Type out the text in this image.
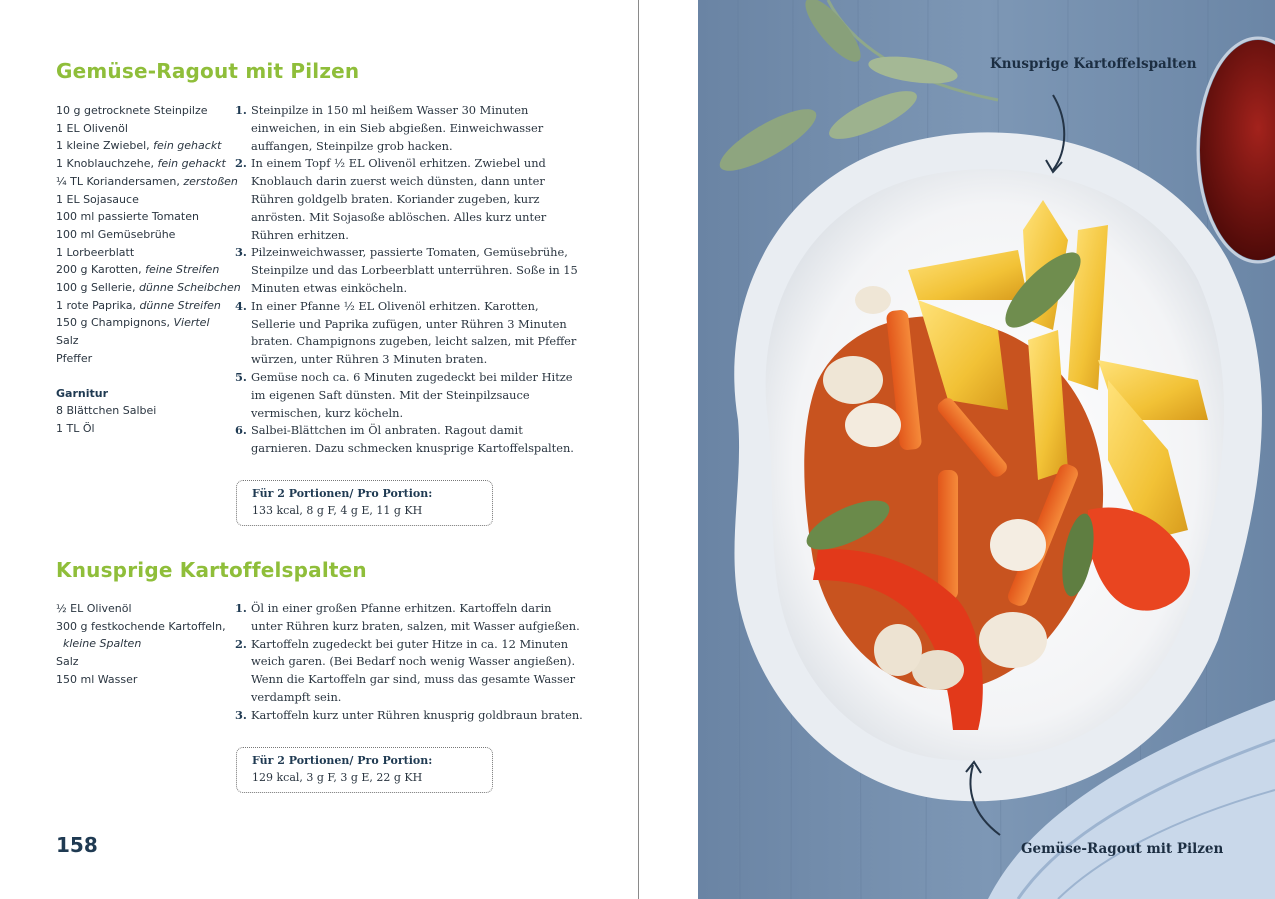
Gemüse-Ragout mit Pilzen
10 g getrocknete Steinpilze
1 EL Olivenöl
1 kleine Zwiebel, fein gehackt
1 Knoblauchzehe, fein gehackt
¼ TL Koriandersamen, zerstoßen
1 EL Sojasauce
100 ml passierte Tomaten
100 ml Gemüsebrühe
1 Lorbeerblatt
200 g Karotten, feine Streifen
100 g Sellerie, dünne Scheibchen
1 rote Paprika, dünne Streifen
150 g Champignons, Viertel
Salz
Pfeffer
Garnitur
8 Blättchen Salbei
1 TL Öl
1. Steinpilze in 150 ml heißem Wasser 30 Minuten einweichen, in ein Sieb abgießen. Einweichwasser auffangen, Steinpilze grob hacken.
2. In einem Topf ½ EL Olivenöl erhitzen. Zwiebel und Knoblauch darin zuerst weich dünsten, dann unter Rühren goldgelb braten. Koriander zugeben, kurz anrösten. Mit Sojasoße ablöschen. Alles kurz unter Rühren erhitzen.
3. Pilzeinweichwasser, passierte Tomaten, Gemüsebrühe, Steinpilze und das Lorbeerblatt unterrühren. Soße in 15 Minuten etwas einköcheln.
4. In einer Pfanne ½ EL Olivenöl erhitzen. Karotten, Sellerie und Paprika zufügen, unter Rühren 3 Minuten braten. Champignons zugeben, leicht salzen, mit Pfeffer würzen, unter Rühren 3 Minuten braten.
5. Gemüse noch ca. 6 Minuten zugedeckt bei milder Hitze im eigenen Saft dünsten. Mit der Steinpilzsauce vermischen, kurz köcheln.
6. Salbei-Blättchen im Öl anbraten. Ragout damit garnieren. Dazu schmecken knusprige Kartoffelspalten.
Für 2 Portionen/ Pro Portion:
133 kcal, 8 g F, 4 g E, 11 g KH
Knusprige Kartoffelspalten
½ EL Olivenöl
300 g festkochende Kartoffeln,
kleine Spalten
Salz
150 ml Wasser
1. Öl in einer großen Pfanne erhitzen. Kartoffeln darin unter Rühren kurz braten, salzen, mit Wasser aufgießen.
2. Kartoffeln zugedeckt bei guter Hitze in ca. 12 Minuten weich garen. (Bei Bedarf noch wenig Wasser angießen). Wenn die Kartoffeln gar sind, muss das gesamte Wasser verdampft sein.
3. Kartoffeln kurz unter Rühren knusprig goldbraun braten.
Für 2 Portionen/ Pro Portion:
129 kcal, 3 g F, 3 g E, 22 g KH
158
Knusprige Kartoffelspalten
Gemüse-Ragout mit Pilzen
